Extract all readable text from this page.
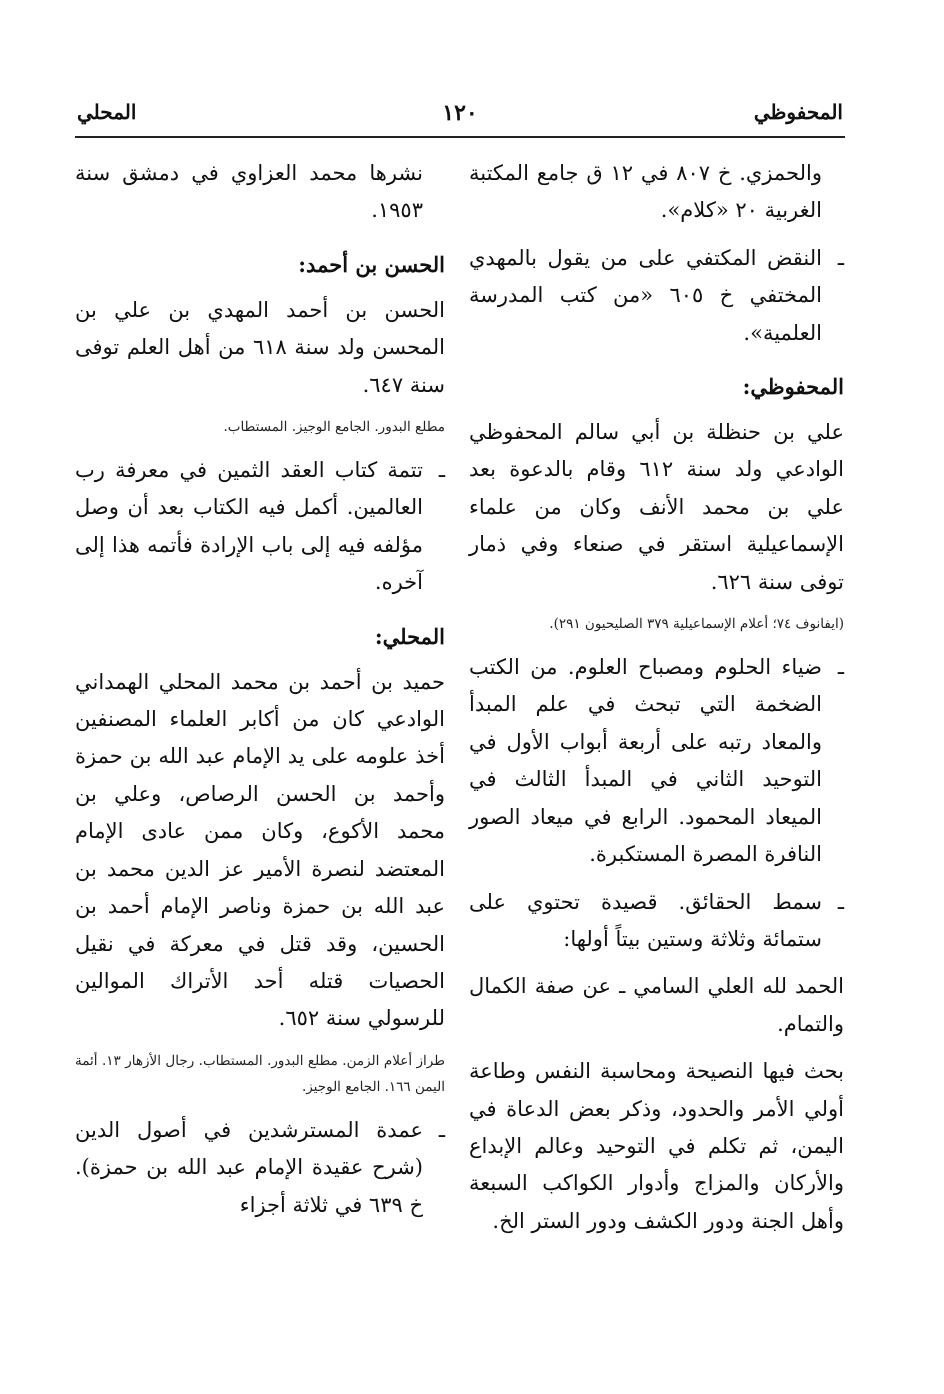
المحفوظي
١٢٠
المحلي

والحمزي. خ ٨٠٧ في ١٢ ق جامع المكتبة الغربية ٢٠ «كلام».

ـ
النقض المكتفي على من يقول بالمهدي المختفي خ ٦٠٥ «من كتب المدرسة العلمية».
المحفوظي:

علي بن حنظلة بن أبي سالم المحفوظي الوادعي ولد سنة ٦١٢ وقام بالدعوة بعد علي بن محمد الأنف وكان من علماء الإسماعيلية استقر في صنعاء وفي ذمار توفى سنة ٦٢٦.

(ايفانوف ٧٤؛ أعلام الإسماعيلية ٣٧٩ الصليحيون ٢٩١).

ـ
ضياء الحلوم ومصباح العلوم. من الكتب الضخمة التي تبحث في علم المبدأ والمعاد رتبه على أربعة أبواب الأول في التوحيد الثاني في المبدأ الثالث في الميعاد المحمود. الرابع في ميعاد الصور النافرة المصرة المستكبرة.
ـ
سمط الحقائق. قصيدة تحتوي على ستمائة وثلاثة وستين بيتاً أولها:

الحمد لله العلي السامي ـ عن صفة الكمال والتمام.

بحث فيها النصيحة ومحاسبة النفس وطاعة أولي الأمر والحدود، وذكر بعض الدعاة في اليمن، ثم تكلم في التوحيد وعالم الإبداع والأركان والمزاج وأدوار الكواكب السبعة وأهل الجنة ودور الكشف ودور الستر الخ.

نشرها محمد العزاوي في دمشق سنة ١٩٥٣.

الحسن بن أحمد:

الحسن بن أحمد المهدي بن علي بن المحسن ولد سنة ٦١٨ من أهل العلم توفى سنة ٦٤٧.

مطلع البدور. الجامع الوجيز. المستطاب.

ـ
تتمة كتاب العقد الثمين في معرفة رب العالمين. أكمل فيه الكتاب بعد أن وصل مؤلفه فيه إلى باب الإرادة فأتمه هذا إلى آخره.
المحلي:

حميد بن أحمد بن محمد المحلي الهمداني الوادعي كان من أكابر العلماء المصنفين أخذ علومه على يد الإمام عبد الله بن حمزة وأحمد بن الحسن الرصاص، وعلي بن محمد الأكوع، وكان ممن عادى الإمام المعتضد لنصرة الأمير عز الدين محمد بن عبد الله بن حمزة وناصر الإمام أحمد بن الحسين، وقد قتل في معركة في نقيل الحصيات قتله أحد الأتراك الموالين للرسولي سنة ٦٥٢.

طراز أعلام الزمن. مطلع البدور. المستطاب. رجال الأزهار ١٣. أئمة اليمن ١٦٦. الجامع الوجيز.

ـ
عمدة المسترشدين في أصول الدين (شرح عقيدة الإمام عبد الله بن حمزة). خ ٦٣٩ في ثلاثة أجزاء
